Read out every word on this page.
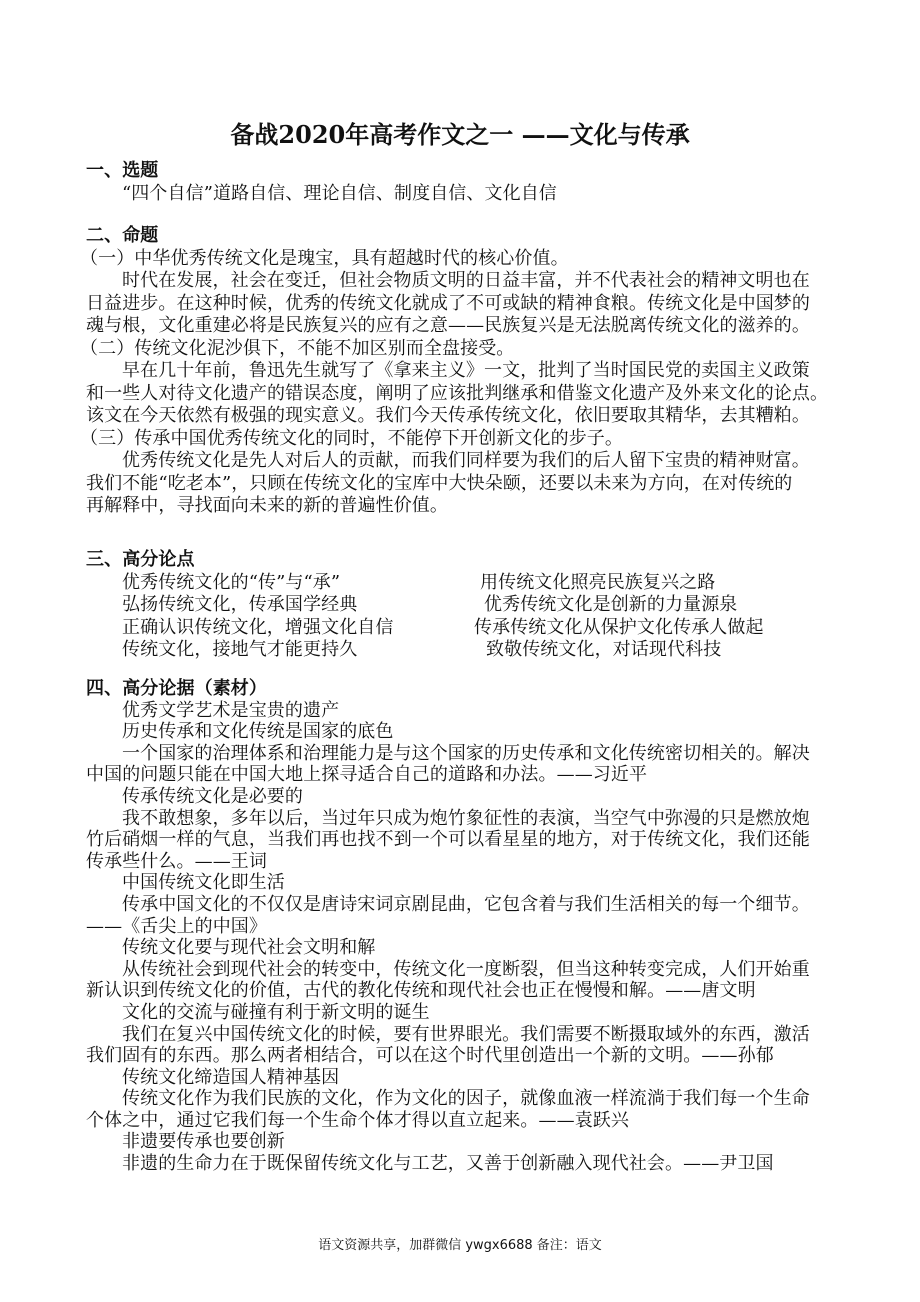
备战2020年高考作文之一 ——文化与传承
一、选题
“四个自信”道路自信、理论自信、制度自信、文化自信
二、命题
（一）中华优秀传统文化是瑰宝，具有超越时代的核心价值。
时代在发展，社会在变迁，但社会物质文明的日益丰富，并不代表社会的精神文明也在
日益进步。在这种时候，优秀的传统文化就成了不可或缺的精神食粮。传统文化是中国梦的
魂与根，文化重建必将是民族复兴的应有之意——民族复兴是无法脱离传统文化的滋养的。
（二）传统文化泥沙俱下，不能不加区别而全盘接受。
早在几十年前，鲁迅先生就写了《拿来主义》一文，批判了当时国民党的卖国主义政策
和一些人对待文化遗产的错误态度，阐明了应该批判继承和借鉴文化遗产及外来文化的论点。
该文在今天依然有极强的现实意义。我们今天传承传统文化，依旧要取其精华，去其糟粕。
（三）传承中国优秀传统文化的同时，不能停下开创新文化的步子。
优秀传统文化是先人对后人的贡献，而我们同样要为我们的后人留下宝贵的精神财富。
我们不能“吃老本”，只顾在传统文化的宝库中大快朵颐，还要以未来为方向，在对传统的
再解释中，寻找面向未来的新的普遍性价值。
三、高分论点
优秀传统文化的“传”与“承”	用传统文化照亮民族复兴之路
弘扬传统文化，传承国学经典	优秀传统文化是创新的力量源泉
正确认识传统文化，增强文化自信	传承传统文化从保护文化传承人做起
传统文化，接地气才能更持久	致敬传统文化，对话现代科技
四、高分论据（素材）
优秀文学艺术是宝贵的遗产
历史传承和文化传统是国家的底色
一个国家的治理体系和治理能力是与这个国家的历史传承和文化传统密切相关的。解决
中国的问题只能在中国大地上探寻适合自己的道路和办法。——习近平
传承传统文化是必要的
我不敢想象，多年以后，当过年只成为炮竹象征性的表演，当空气中弥漫的只是燃放炮
竹后硝烟一样的气息，当我们再也找不到一个可以看星星的地方，对于传统文化，我们还能
传承些什么。——王词
中国传统文化即生活
传承中国文化的不仅仅是唐诗宋词京剧昆曲，它包含着与我们生活相关的每一个细节。
——《舌尖上的中国》
传统文化要与现代社会文明和解
从传统社会到现代社会的转变中，传统文化一度断裂，但当这种转变完成，人们开始重
新认识到传统文化的价值，古代的教化传统和现代社会也正在慢慢和解。——唐文明
文化的交流与碰撞有利于新文明的诞生
我们在复兴中国传统文化的时候，要有世界眼光。我们需要不断摄取域外的东西，激活
我们固有的东西。那么两者相结合，可以在这个时代里创造出一个新的文明。——孙郁
传统文化缔造国人精神基因
传统文化作为我们民族的文化，作为文化的因子，就像血液一样流淌于我们每一个生命
个体之中，通过它我们每一个生命个体才得以直立起来。——袁跃兴
非遗要传承也要创新
非遗的生命力在于既保留传统文化与工艺，又善于创新融入现代社会。——尹卫国
语文资源共享，加群微信 ywgx6688 备注：语文
